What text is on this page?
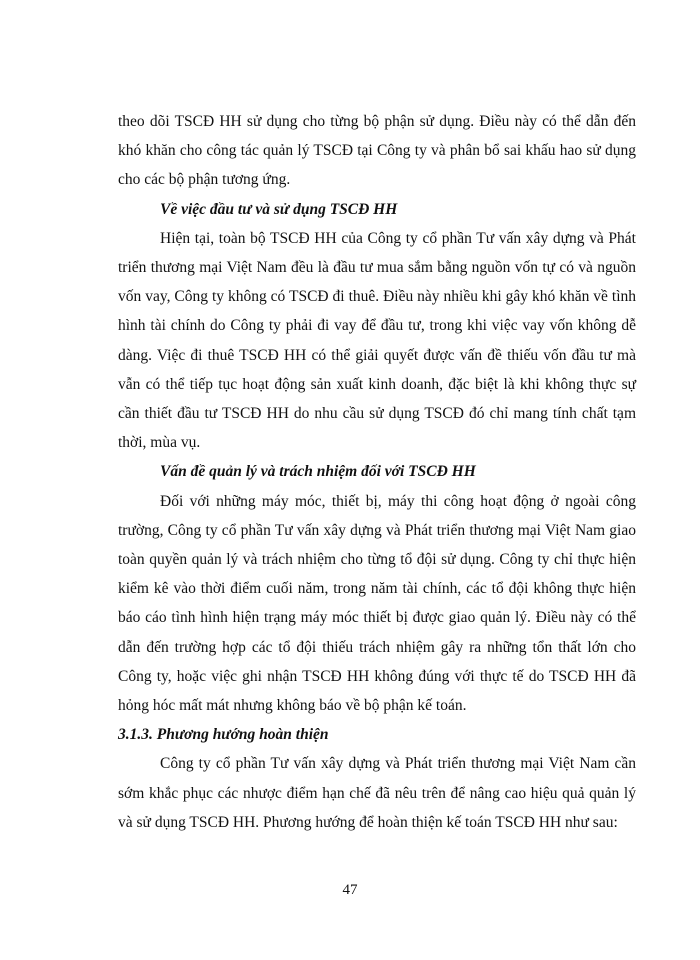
theo dõi TSCĐ HH sử dụng cho từng bộ phận sử dụng. Điều này có thể dẫn đến khó khăn cho công tác quản lý TSCĐ tại Công ty và phân bổ sai khấu hao sử dụng cho các bộ phận tương ứng.

Về việc đầu tư và sử dụng TSCĐ HH

Hiện tại, toàn bộ TSCĐ HH của Công ty cổ phần Tư vấn xây dựng và Phát triển thương mại Việt Nam đều là đầu tư mua sắm bằng nguồn vốn tự có và nguồn vốn vay, Công ty không có TSCĐ đi thuê. Điều này nhiều khi gây khó khăn về tình hình tài chính do Công ty phải đi vay để đầu tư, trong khi việc vay vốn không dễ dàng. Việc đi thuê TSCĐ HH có thể giải quyết được vấn đề thiếu vốn đầu tư mà vẫn có thể tiếp tục hoạt động sản xuất kinh doanh, đặc biệt là khi không thực sự cần thiết đầu tư TSCĐ HH do nhu cầu sử dụng TSCĐ đó chỉ mang tính chất tạm thời, mùa vụ.

Vấn đề quản lý và trách nhiệm đối với TSCĐ HH

Đối với những máy móc, thiết bị, máy thi công hoạt động ở ngoài công trường, Công ty cổ phần Tư vấn xây dựng và Phát triển thương mại Việt Nam giao toàn quyền quản lý và trách nhiệm cho từng tổ đội sử dụng. Công ty chỉ thực hiện kiểm kê vào thời điểm cuối năm, trong năm tài chính, các tổ đội không thực hiện báo cáo tình hình hiện trạng máy móc thiết bị được giao quản lý. Điều này có thể dẫn đến trường hợp các tổ đội thiếu trách nhiệm gây ra những tổn thất lớn cho Công ty, hoặc việc ghi nhận TSCĐ HH không đúng với thực tế do TSCĐ HH đã hỏng hóc mất mát nhưng không báo về bộ phận kế toán.

3.1.3. Phương hướng hoàn thiện

Công ty cổ phần Tư vấn xây dựng và Phát triển thương mại Việt Nam cần sớm khắc phục các nhược điểm hạn chế đã nêu trên để nâng cao hiệu quả quản lý và sử dụng TSCĐ HH. Phương hướng để hoàn thiện kế toán TSCĐ HH như sau:

47
